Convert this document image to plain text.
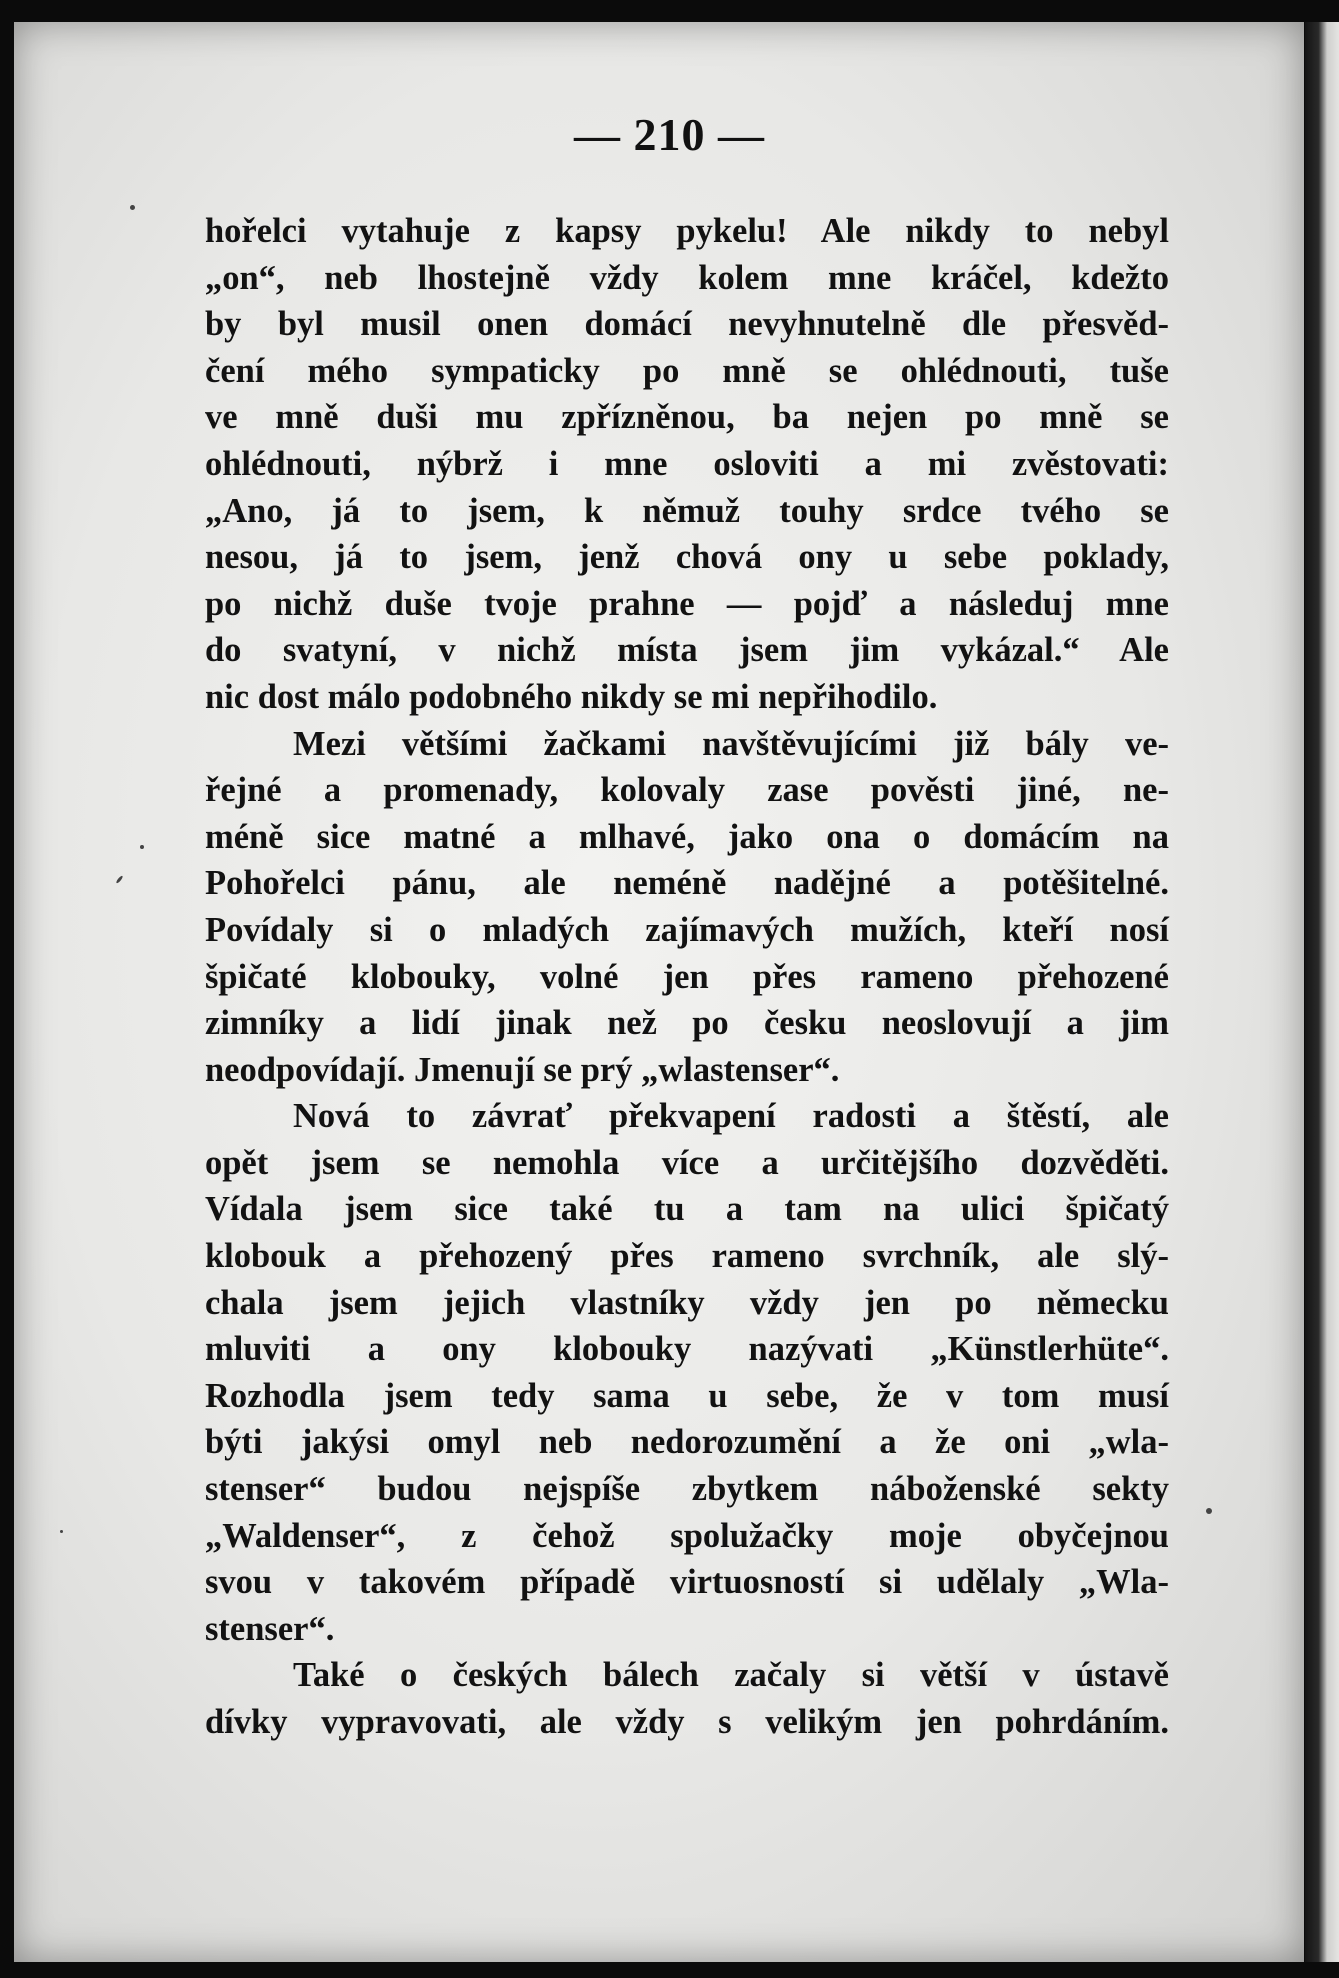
— 210 —
hořelci vytahuje z kapsy pykelu! Ale nikdy to nebyl
„on“, neb lhostejně vždy kolem mne kráčel, kdežto
by byl musil onen domácí nevyhnutelně dle přesvěd-
čení mého sympaticky po mně se ohlédnouti, tuše
ve mně duši mu zpřízněnou, ba nejen po mně se
ohlédnouti, nýbrž i mne osloviti a mi zvěstovati:
„Ano, já to jsem, k němuž touhy srdce tvého se
nesou, já to jsem, jenž chová ony u sebe poklady,
po nichž duše tvoje prahne — pojď a následuj mne
do svatyní, v nichž místa jsem jim vykázal.“ Ale
nic dost málo podobného nikdy se mi nepřihodilo.
Mezi většími žačkami navštěvujícími již bály ve-
řejné a promenady, kolovaly zase pověsti jiné, ne-
méně sice matné a mlhavé, jako ona o domácím na
Pohořelci pánu, ale neméně nadějné a potěšitelné.
Povídaly si o mladých zajímavých mužích, kteří nosí
špičaté klobouky, volné jen přes rameno přehozené
zimníky a lidí jinak než po česku neoslovují a jim
neodpovídají. Jmenují se prý „wlastenser“.
Nová to závrať překvapení radosti a štěstí, ale
opět jsem se nemohla více a určitějšího dozvěděti.
Vídala jsem sice také tu a tam na ulici špičatý
klobouk a přehozený přes rameno svrchník, ale slý-
chala jsem jejich vlastníky vždy jen po německu
mluviti a ony klobouky nazývati „Künstlerhüte“.
Rozhodla jsem tedy sama u sebe, že v tom musí
býti jakýsi omyl neb nedorozumění a že oni „wla-
stenser“ budou nejspíše zbytkem náboženské sekty
„Waldenser“, z čehož spolužačky moje obyčejnou
svou v takovém případě virtuosností si udělaly „Wla-
stenser“.
Také o českých bálech začaly si větší v ústavě
dívky vypravovati, ale vždy s velikým jen pohrdáním.
